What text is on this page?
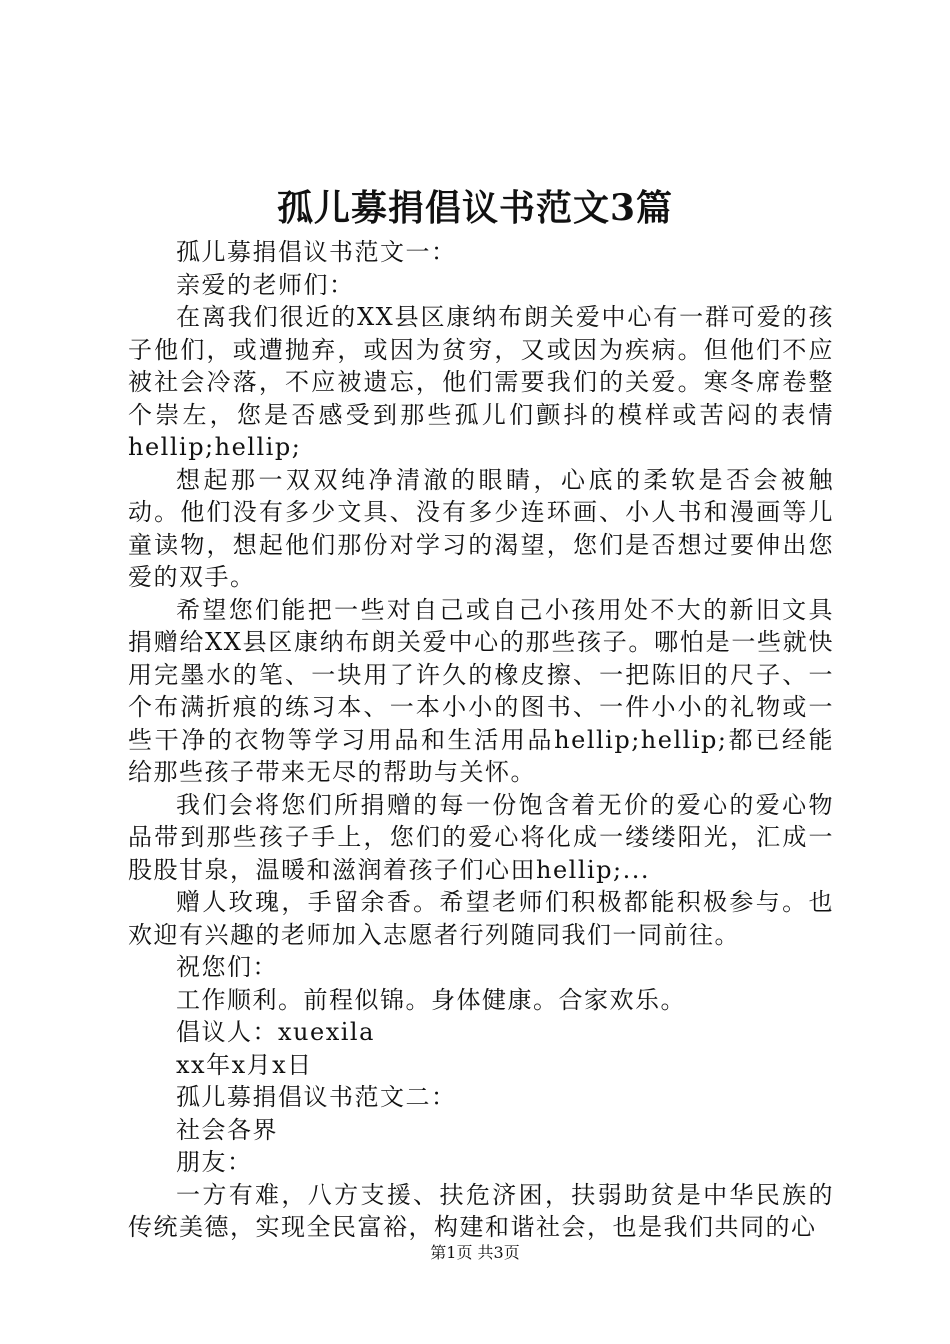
孤儿募捐倡议书范文3篇

孤儿募捐倡议书范文一：

亲爱的老师们：

在离我们很近的XX县区康纳布朗关爱中心有一群可爱的孩子他们，或遭抛弃，或因为贫穷，又或因为疾病。但他们不应被社会冷落，不应被遗忘，他们需要我们的关爱。寒冬席卷整个崇左，您是否感受到那些孤儿们颤抖的模样或苦闷的表情hellip;hellip;

想起那一双双纯净清澈的眼睛，心底的柔软是否会被触动。他们没有多少文具、没有多少连环画、小人书和漫画等儿童读物，想起他们那份对学习的渴望，您们是否想过要伸出您爱的双手。

希望您们能把一些对自己或自己小孩用处不大的新旧文具捐赠给XX县区康纳布朗关爱中心的那些孩子。哪怕是一些就快用完墨水的笔、一块用了许久的橡皮擦、一把陈旧的尺子、一个布满折痕的练习本、一本小小的图书、一件小小的礼物或一些干净的衣物等学习用品和生活用品hellip;hellip;都已经能给那些孩子带来无尽的帮助与关怀。

我们会将您们所捐赠的每一份饱含着无价的爱心的爱心物品带到那些孩子手上，您们的爱心将化成一缕缕阳光，汇成一股股甘泉，温暖和滋润着孩子们心田hellip;...

赠人玫瑰，手留余香。希望老师们积极都能积极参与。也欢迎有兴趣的老师加入志愿者行列随同我们一同前往。

祝您们：

工作顺利。前程似锦。身体健康。合家欢乐。

倡议人：xuexila

xx年x月x日

孤儿募捐倡议书范文二：

社会各界

朋友：

一方有难，八方支援、扶危济困，扶弱助贫是中华民族的传统美德，实现全民富裕，构建和谐社会，也是我们共同的心

第1页 共3页
